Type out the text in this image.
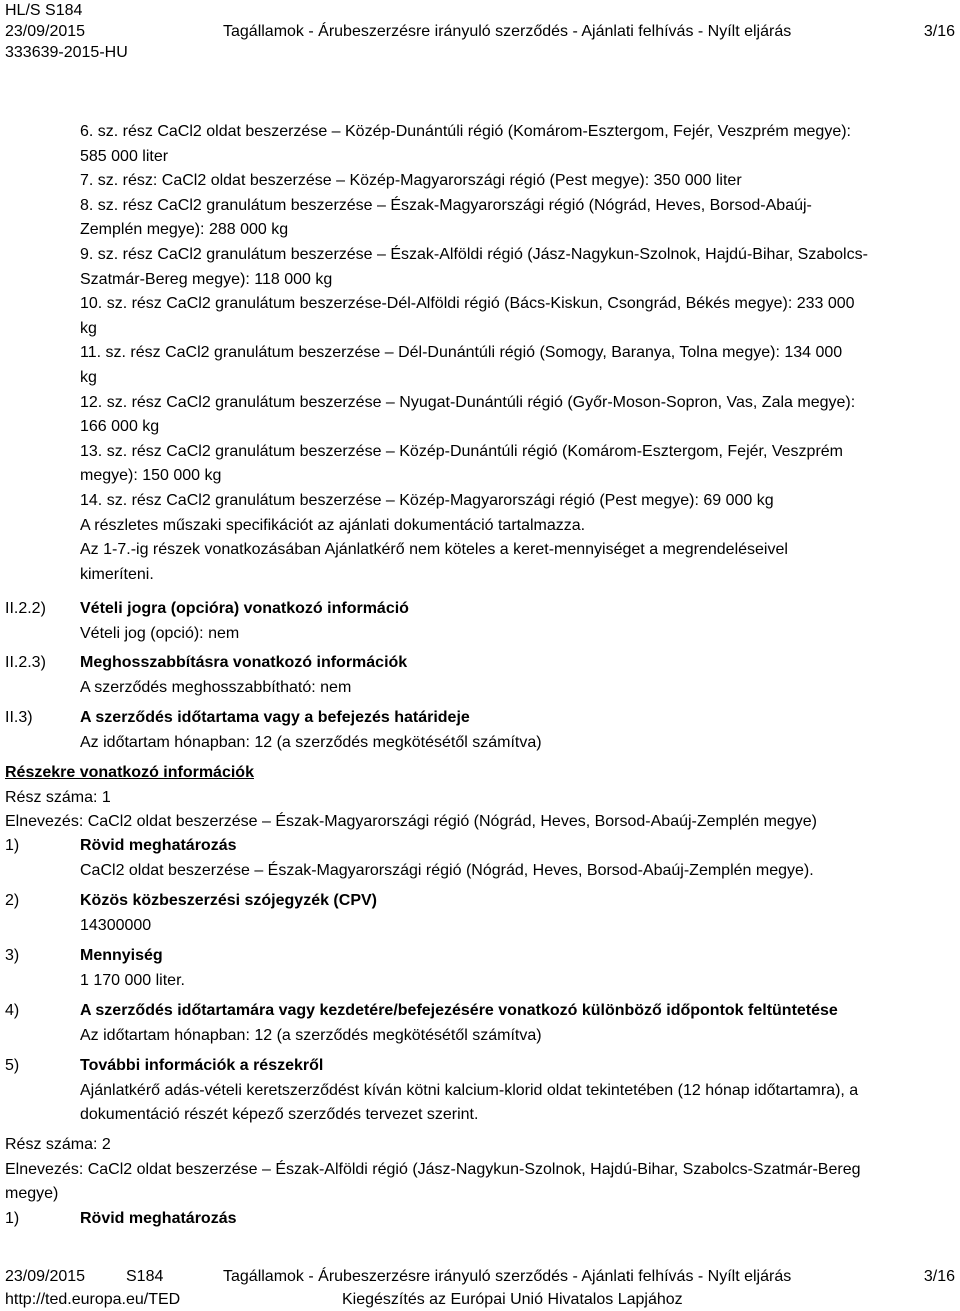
HL/S S184
23/09/2015	Tagállamok - Árubeszerzésre irányuló szerződés - Ajánlati felhívás - Nyílt eljárás	3/16
333639-2015-HU
6. sz. rész CaCl2 oldat beszerzése – Közép-Dunántúli régió (Komárom-Esztergom, Fejér, Veszprém megye):
585 000 liter
7. sz. rész: CaCl2 oldat beszerzése – Közép-Magyarországi régió (Pest megye): 350 000 liter
8. sz. rész CaCl2 granulátum beszerzése – Észak-Magyarországi régió (Nógrád, Heves, Borsod-Abaúj-
Zemplén megye): 288 000 kg
9. sz. rész CaCl2 granulátum beszerzése – Észak-Alföldi régió (Jász-Nagykun-Szolnok, Hajdú-Bihar, Szabolcs-
Szatmár-Bereg megye): 118 000 kg
10. sz. rész CaCl2 granulátum beszerzése-Dél-Alföldi régió (Bács-Kiskun, Csongrád, Békés megye): 233 000
kg
11. sz. rész CaCl2 granulátum beszerzése – Dél-Dunántúli régió (Somogy, Baranya, Tolna megye): 134 000
kg
12. sz. rész CaCl2 granulátum beszerzése – Nyugat-Dunántúli régió (Győr-Moson-Sopron, Vas, Zala megye):
166 000 kg
13. sz. rész CaCl2 granulátum beszerzése – Közép-Dunántúli régió (Komárom-Esztergom, Fejér, Veszprém
megye): 150 000 kg
14. sz. rész CaCl2 granulátum beszerzése – Közép-Magyarországi régió (Pest megye): 69 000 kg
A részletes műszaki specifikációt az ajánlati dokumentáció tartalmazza.
Az 1-7.-ig részek vonatkozásában Ajánlatkérő nem köteles a keret-mennyiséget a megrendeléseivel
kimeríteni.
II.2.2) Vételi jogra (opcióra) vonatkozó információ
Vételi jog (opció): nem
II.2.3) Meghosszabbításra vonatkozó információk
A szerződés meghosszabbítható: nem
II.3)	A szerződés időtartama vagy a befejezés határideje
Az időtartam hónapban: 12 (a szerződés megkötésétől számítva)
Részekre vonatkozó információk
Rész száma: 1
Elnevezés: CaCl2 oldat beszerzése – Észak-Magyarországi régió (Nógrád, Heves, Borsod-Abaúj-Zemplén megye)
1)	Rövid meghatározás
CaCl2 oldat beszerzése – Észak-Magyarországi régió (Nógrád, Heves, Borsod-Abaúj-Zemplén megye).
2)	Közös közbeszerzési szójegyzék (CPV)
14300000
3)	Mennyiség
1 170 000 liter.
4)	A szerződés időtartamára vagy kezdetére/befejezésére vonatkozó különböző időpontok feltüntetése
Az időtartam hónapban: 12 (a szerződés megkötésétől számítva)
5)	További információk a részekről
Ajánlatkérő adás-vételi keretszerződést kíván kötni kalcium-klorid oldat tekintetében (12 hónap időtartamra), a
dokumentáció részét képező szerződés tervezet szerint.
Rész száma: 2
Elnevezés: CaCl2 oldat beszerzése – Észak-Alföldi régió (Jász-Nagykun-Szolnok, Hajdú-Bihar, Szabolcs-Szatmár-Bereg
megye)
1)	Rövid meghatározás
23/09/2015	S184	Tagállamok - Árubeszerzésre irányuló szerződés - Ajánlati felhívás - Nyílt eljárás	3/16
http://ted.europa.eu/TED	Kiegészítés az Európai Unió Hivatalos Lapjához
